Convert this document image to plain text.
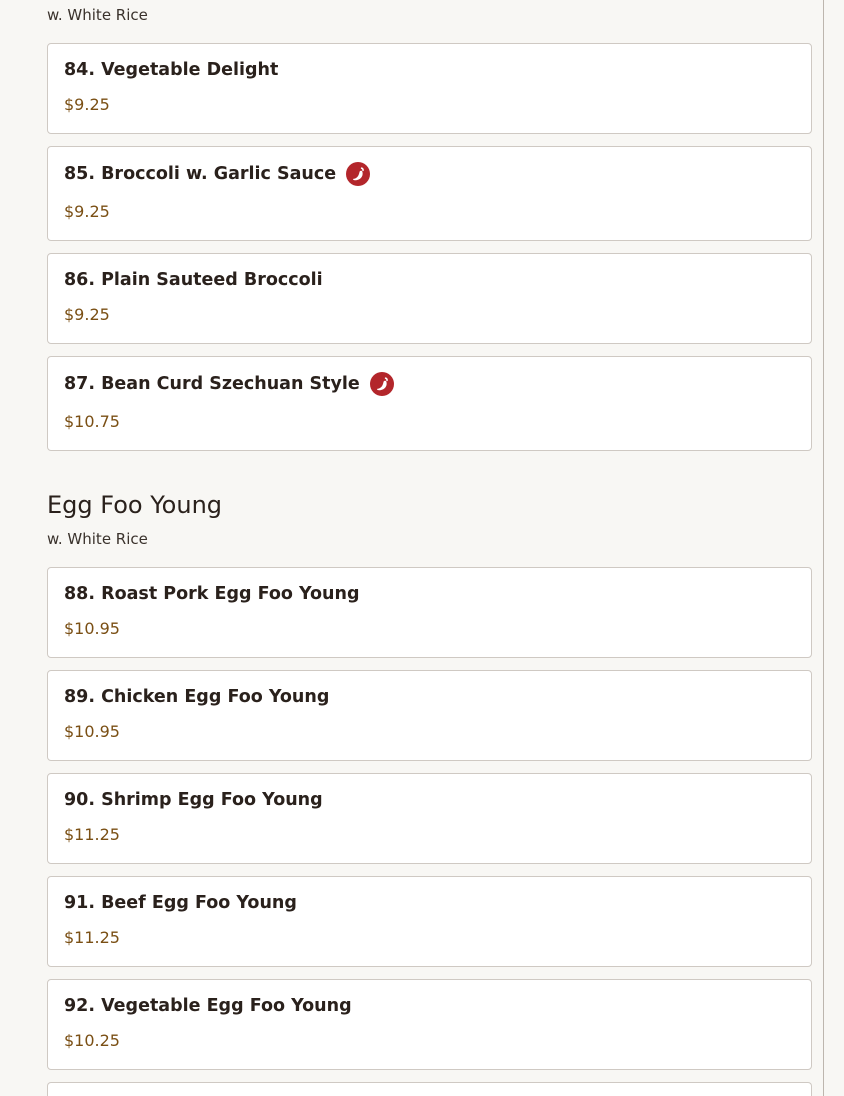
w. White Rice
84. Vegetable Delight
$9.25
85. Broccoli w. Garlic Sauce
$9.25
86. Plain Sauteed Broccoli
$9.25
87. Bean Curd Szechuan Style
$10.75
Egg Foo Young
w. White Rice
88. Roast Pork Egg Foo Young
$10.95
89. Chicken Egg Foo Young
$10.95
90. Shrimp Egg Foo Young
$11.25
91. Beef Egg Foo Young
$11.25
92. Vegetable Egg Foo Young
$10.25
